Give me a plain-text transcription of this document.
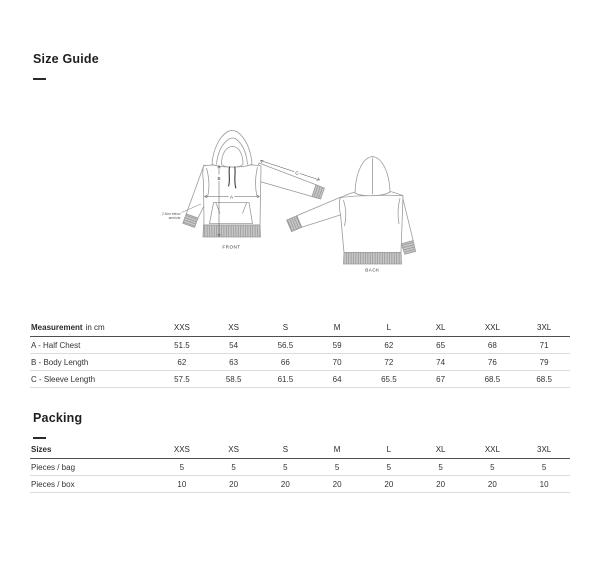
Size Guide
BACK
B
A
C
2.5cm below
armhole
FRONT
Measurement in cm	XXS	XS	S	M	L	XL	XXL	3XL
A - Half Chest	51.5	54	56.5	59	62	65	68	71
B - Body Length	62	63	66	70	72	74	76	79
C - Sleeve Length	57.5	58.5	61.5	64	65.5	67	68.5	68.5
Packing
Sizes	XXS	XS	S	M	L	XL	XXL	3XL
Pieces / bag	5	5	5	5	5	5	5	5
Pieces / box	10	20	20	20	20	20	20	10
